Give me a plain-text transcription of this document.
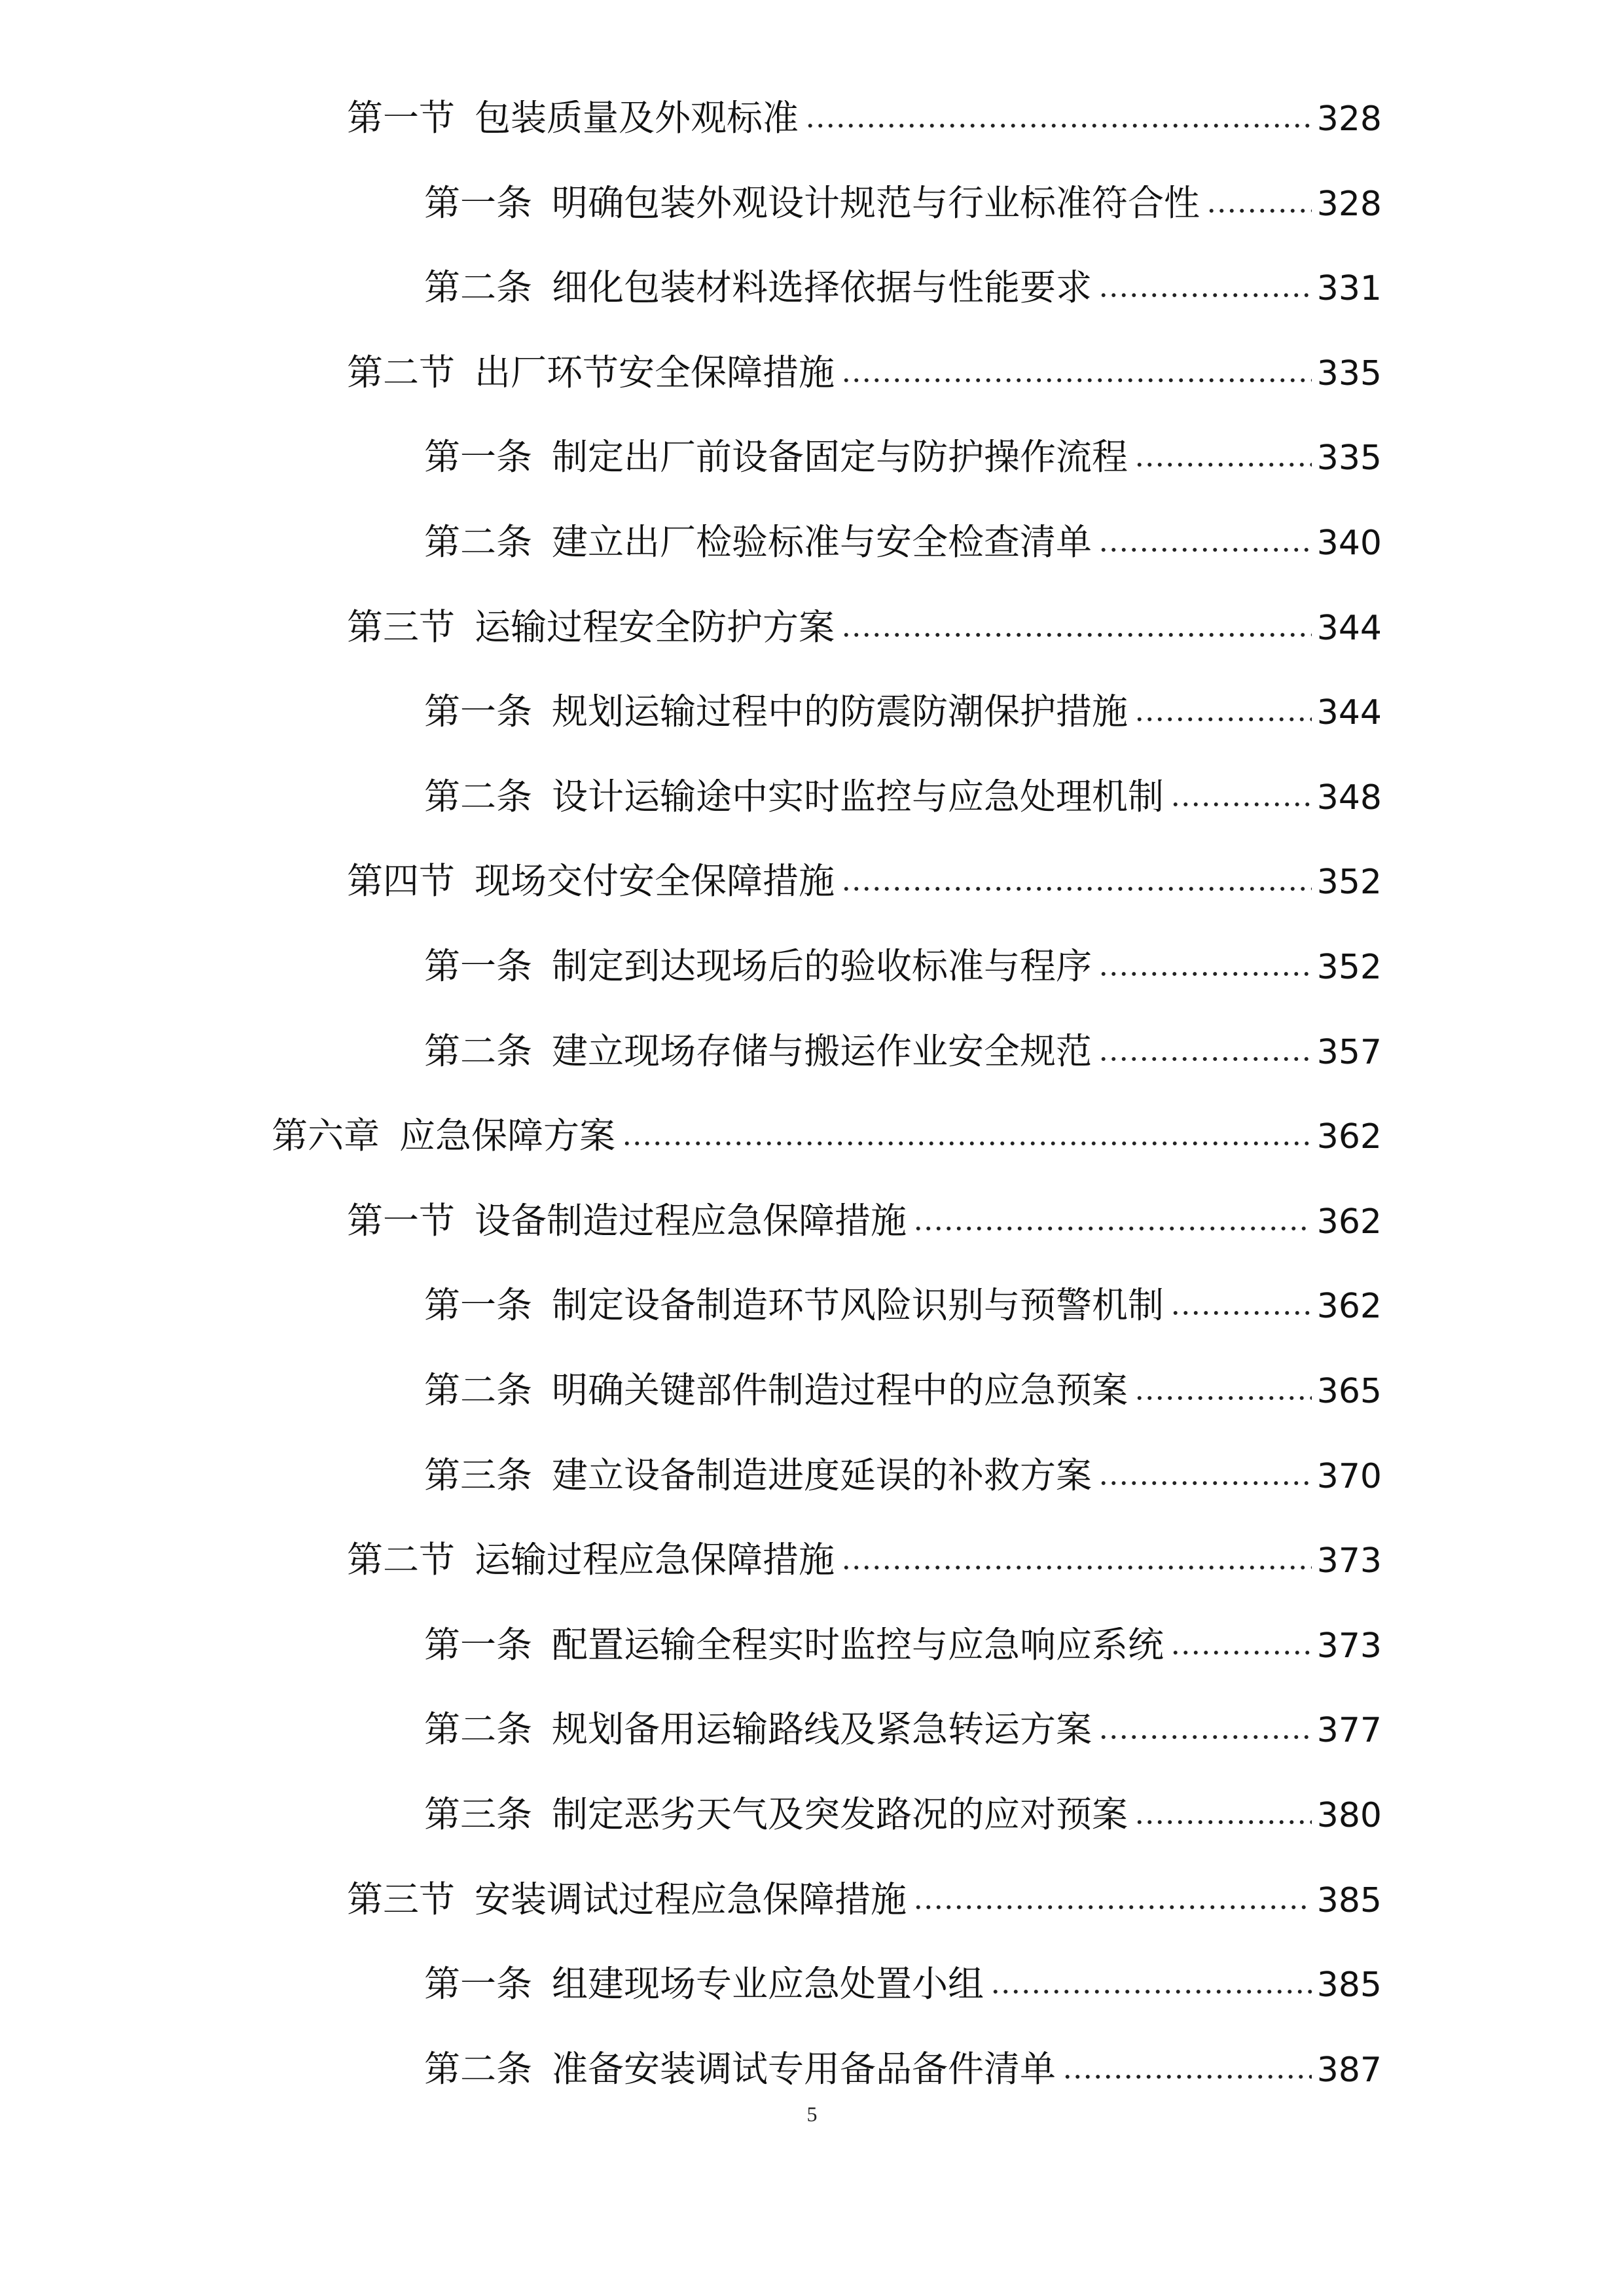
第一节 包装质量及外观标准	328
第一条 明确包装外观设计规范与行业标准符合性	328
第二条 细化包装材料选择依据与性能要求	331
第二节 出厂环节安全保障措施	335
第一条 制定出厂前设备固定与防护操作流程	335
第二条 建立出厂检验标准与安全检查清单	340
第三节 运输过程安全防护方案	344
第一条 规划运输过程中的防震防潮保护措施	344
第二条 设计运输途中实时监控与应急处理机制	348
第四节 现场交付安全保障措施	352
第一条 制定到达现场后的验收标准与程序	352
第二条 建立现场存储与搬运作业安全规范	357
第六章 应急保障方案	362
第一节 设备制造过程应急保障措施	362
第一条 制定设备制造环节风险识别与预警机制	362
第二条 明确关键部件制造过程中的应急预案	365
第三条 建立设备制造进度延误的补救方案	370
第二节 运输过程应急保障措施	373
第一条 配置运输全程实时监控与应急响应系统	373
第二条 规划备用运输路线及紧急转运方案	377
第三条 制定恶劣天气及突发路况的应对预案	380
第三节 安装调试过程应急保障措施	385
第一条 组建现场专业应急处置小组	385
第二条 准备安装调试专用备品备件清单	387
5
